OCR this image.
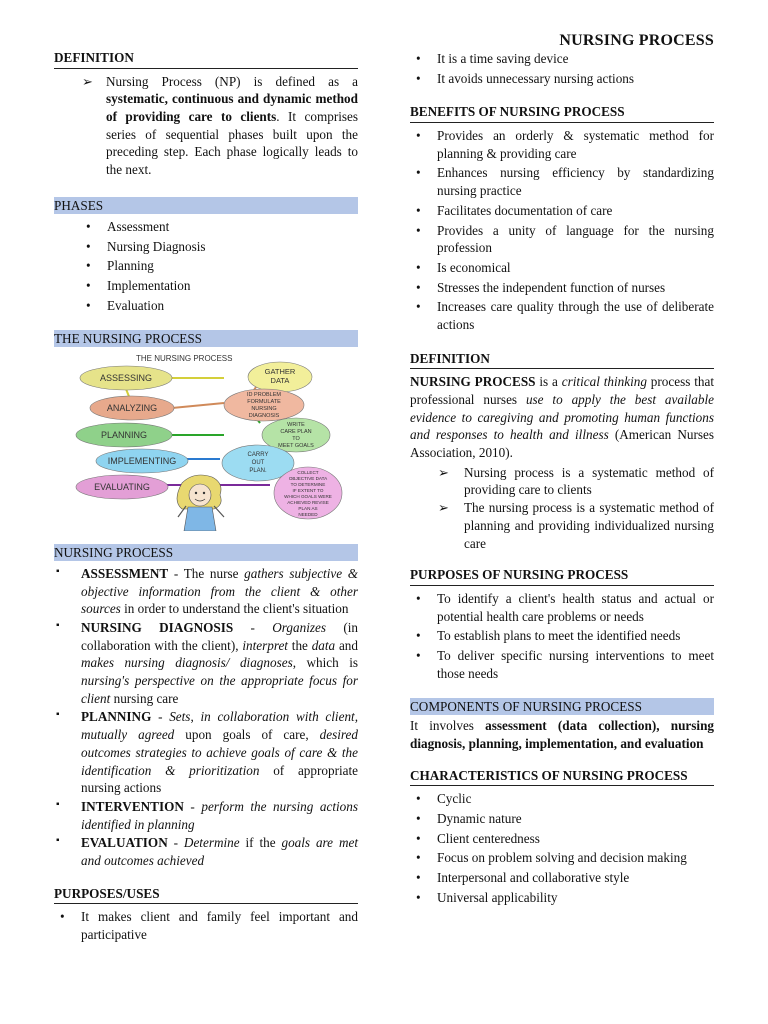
NURSING PROCESS
DEFINITION
➢ Nursing Process (NP) is defined as a systematic, continuous and dynamic method of providing care to clients. It comprises series of sequential phases built upon the preceding step. Each phase logically leads to the next.
PHASES
• Assessment
• Nursing Diagnosis
• Planning
• Implementation
• Evaluation
THE NURSING PROCESS
THE NURSING PROCESS
ASSESSING
ANALYZING
PLANNING
IMPLEMENTING
EVALUATING
GATHER
DATA
ID PROBLEM
FORMULATE
NURSING
DIAGNOSIS
WRITE
CARE PLAN
TO
MEET GOALS
CARRY
OUT
PLAN.	COLLECT
OBJECTIVE DATA
TO DETERMINE
IF EXTENT TO
WHICH GOALS WERE
ACHIEVED REVISE
PLAN AS
NEEDED
NURSING PROCESS
▪ ASSESSMENT - The nurse gathers subjective & objective information from the client & other sources in order to understand the client's situation
▪ NURSING DIAGNOSIS - Organizes (in collaboration with the client), interpret the data and makes nursing diagnosis/ diagnoses, which is nursing's perspective on the appropriate focus for client nursing care
▪ PLANNING - Sets, in collaboration with client, mutually agreed upon goals of care, desired outcomes strategies to achieve goals of care & the identification & prioritization of appropriate nursing actions
▪ INTERVENTION - perform the nursing actions identified in planning
▪ EVALUATION - Determine if the goals are met and outcomes achieved
PURPOSES/USES
• It makes client and family feel important and participative
• It is a time saving device
• It avoids unnecessary nursing actions
BENEFITS OF NURSING PROCESS
• Provides an orderly & systematic method for planning & providing care
• Enhances nursing efficiency by standardizing nursing practice
• Facilitates documentation of care
• Provides a unity of language for the nursing profession
• Is economical
• Stresses the independent function of nurses
• Increases care quality through the use of deliberate actions
DEFINITION
NURSING PROCESS is a critical thinking process that professional nurses use to apply the best available evidence to caregiving and promoting human functions and responses to health and illness (American Nurses Association, 2010).
➢ Nursing process is a systematic method of providing care to clients
➢ The nursing process is a systematic method of planning and providing individualized nursing care
PURPOSES OF NURSING PROCESS
• To identify a client's health status and actual or potential health care problems or needs
• To establish plans to meet the identified needs
• To deliver specific nursing interventions to meet those needs
COMPONENTS OF NURSING PROCESS
It involves assessment (data collection), nursing diagnosis, planning, implementation, and evaluation
CHARACTERISTICS OF NURSING PROCESS
• Cyclic
• Dynamic nature
• Client centeredness
• Focus on problem solving and decision making
• Interpersonal and collaborative style
• Universal applicability
